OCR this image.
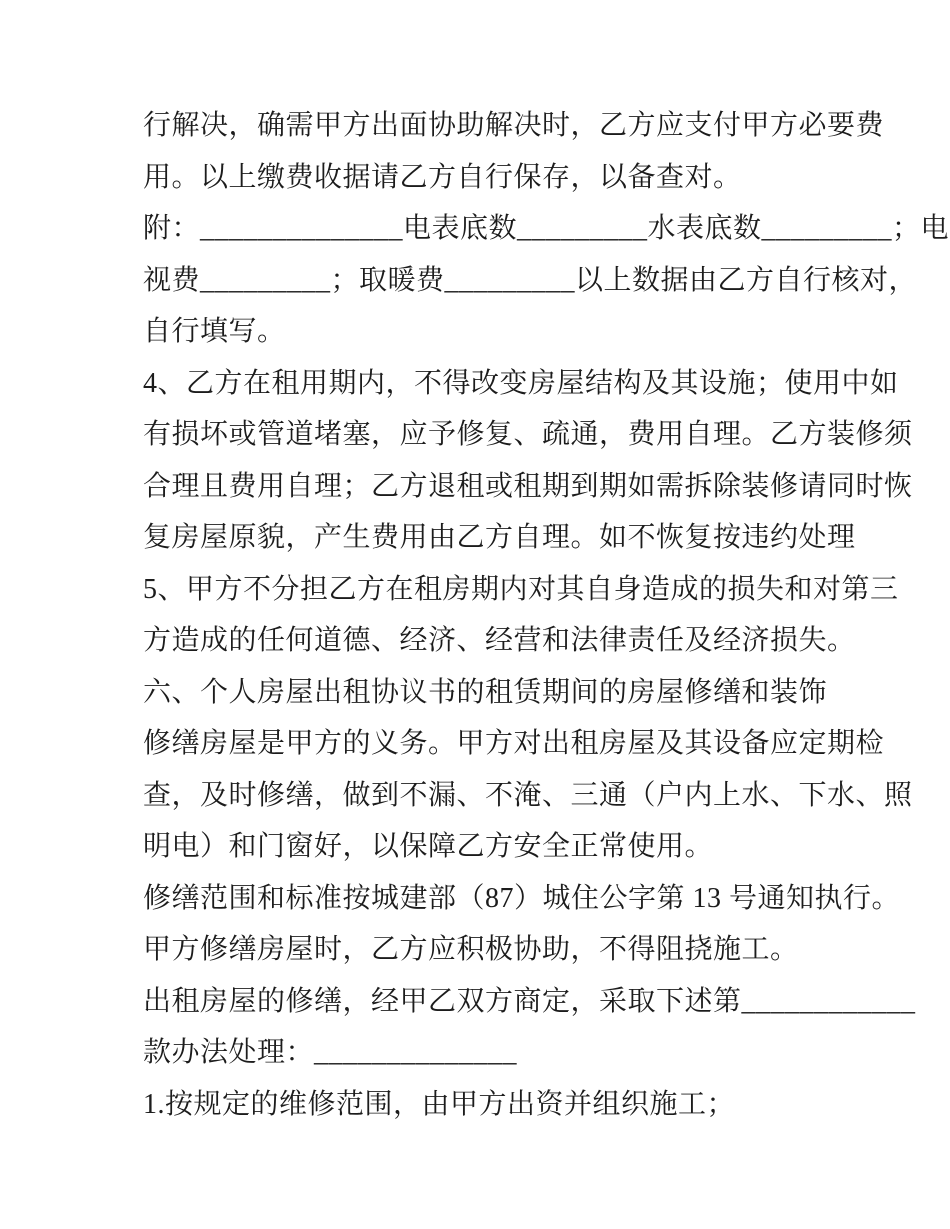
行解决，确需甲方出面协助解决时，乙方应支付甲方必要费
用。以上缴费收据请乙方自行保存，以备查对。
附：______________电表底数_________水表底数_________；电
视费_________；取暖费_________以上数据由乙方自行核对，
自行填写。
4、乙方在租用期内，不得改变房屋结构及其设施；使用中如
有损坏或管道堵塞，应予修复、疏通，费用自理。乙方装修须
合理且费用自理；乙方退租或租期到期如需拆除装修请同时恢
复房屋原貌，产生费用由乙方自理。如不恢复按违约处理
5、甲方不分担乙方在租房期内对其自身造成的损失和对第三
方造成的任何道德、经济、经营和法律责任及经济损失。
六、个人房屋出租协议书的租赁期间的房屋修缮和装饰
修缮房屋是甲方的义务。甲方对出租房屋及其设备应定期检
查，及时修缮，做到不漏、不淹、三通（户内上水、下水、照
明电）和门窗好，以保障乙方安全正常使用。
修缮范围和标准按城建部（87）城住公字第 13 号通知执行。
甲方修缮房屋时，乙方应积极协助，不得阻挠施工。
出租房屋的修缮，经甲乙双方商定，采取下述第____________
款办法处理：______________
1.按规定的维修范围，由甲方出资并组织施工；
